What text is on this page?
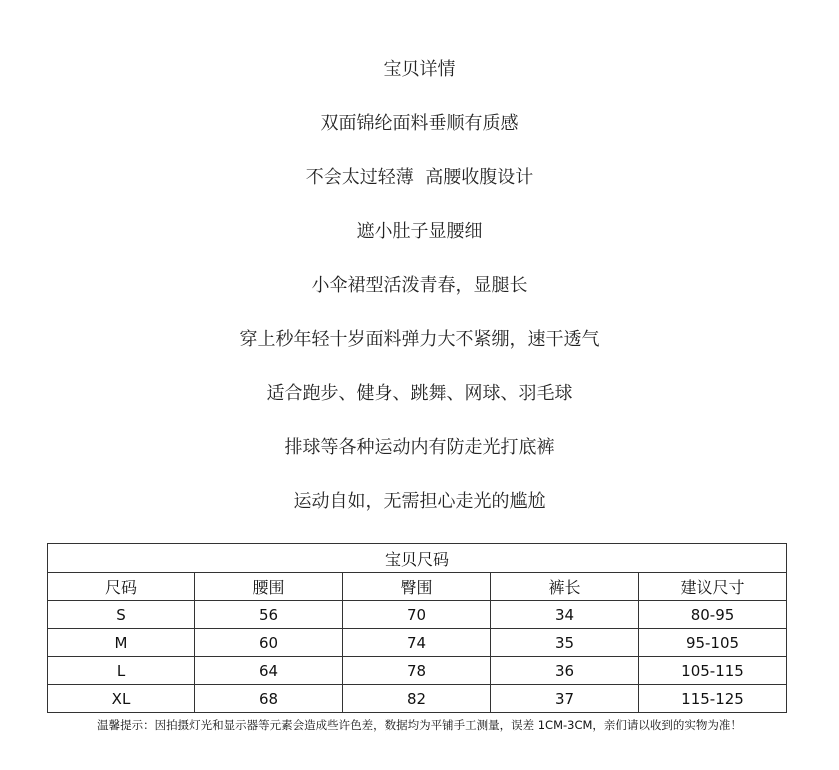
宝贝详情
双面锦纶面料垂顺有质感
不会太过轻薄  高腰收腹设计
遮小肚子显腰细
小伞裙型活泼青春，显腿长
穿上秒年轻十岁面料弹力大不紧绷，速干透气
适合跑步、健身、跳舞、网球、羽毛球
排球等各种运动内有防走光打底裤
运动自如，无需担心走光的尴尬
宝贝尺码				
尺码	腰围	臀围	裤长	建议尺寸
S	56	70	34	80-95
M	60	74	35	95-105
L	64	78	36	105-115
XL	68	82	37	115-125
温馨提示：因拍摄灯光和显示器等元素会造成些许色差，数据均为平铺手工测量，误差 1CM-3CM，亲们请以收到的实物为准！
